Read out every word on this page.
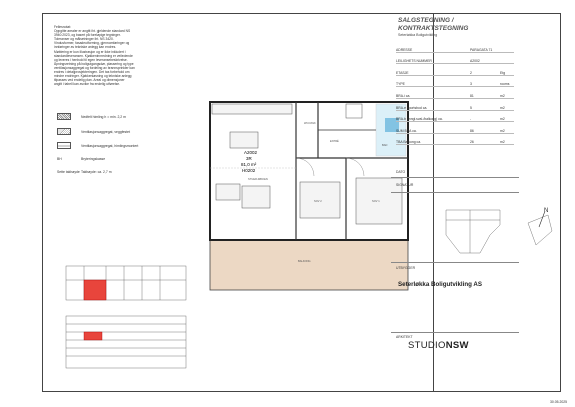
Fellesnotat:
Oppgitte arealer er angitt iht. gjeldende standard NS
3940:2023, og basert på foreløpige tegninger.
Toleranser og målsetninger iht. NS 3420.
Vindusformer, fasadeutforming, gjennomføringer og
innføringer av tekniske anlegg kan endres.
Møblering er kun illustrasjon og er ikke inkludert i
standardleveransen. Kjøkkeninnredning er veiledende
og leveres i henhold til egen leveransebeskrivelse.
Åpningsretning på boligutgangsdør, plassering og type
ventilasjonsaggregat og fordeling av brannsprinkler kan
endres i detaljprosjekteringen. Det tas forbehold om
mindre endringer. Kjøkkenløsning og tekniske anlegg
tilpasses ved endelig plan. Areal og dimensjoner
angitt i tabell kan avvike fra endelig utførelse.
Nedfelt himling h = min. 2,2 m
Ventilasjonsaggregat, veggfestet
Ventilasjonsaggregat, himlingsmontert
BH	Bryteringskasse
Sette takhøyde Takhøyde: ca. 2,7 m
A2002
3R
81,0 m²
H0202
STUE/KJØKKEN
BAD
WC/VASK
ENTRÉ
SOV 2	SOV 1
BALKONG
SALGSTEGNING /
KONTRAKTSTEGNING
Seterløkka Boligutvikling
ADRESSE	PARAGATA 71
LEILIGHETS NUMMER	A2002
ETASJE	2	Etg
TYPE	3	rooms
BRA-i ca.	81	m2
BRA-e sportsbod ca.	5	m2
BRA-b (inngl.sval-/balkong) ca.	-	m2
SUM BRA ca.	86	m2
TBA Balkong ca.	26	m2
DATO
SIGNATUR
N
UTBYGGER
Seterløkka Boligutvikling AS
ARKITEKT
STUDIONSW
30.05.2025
